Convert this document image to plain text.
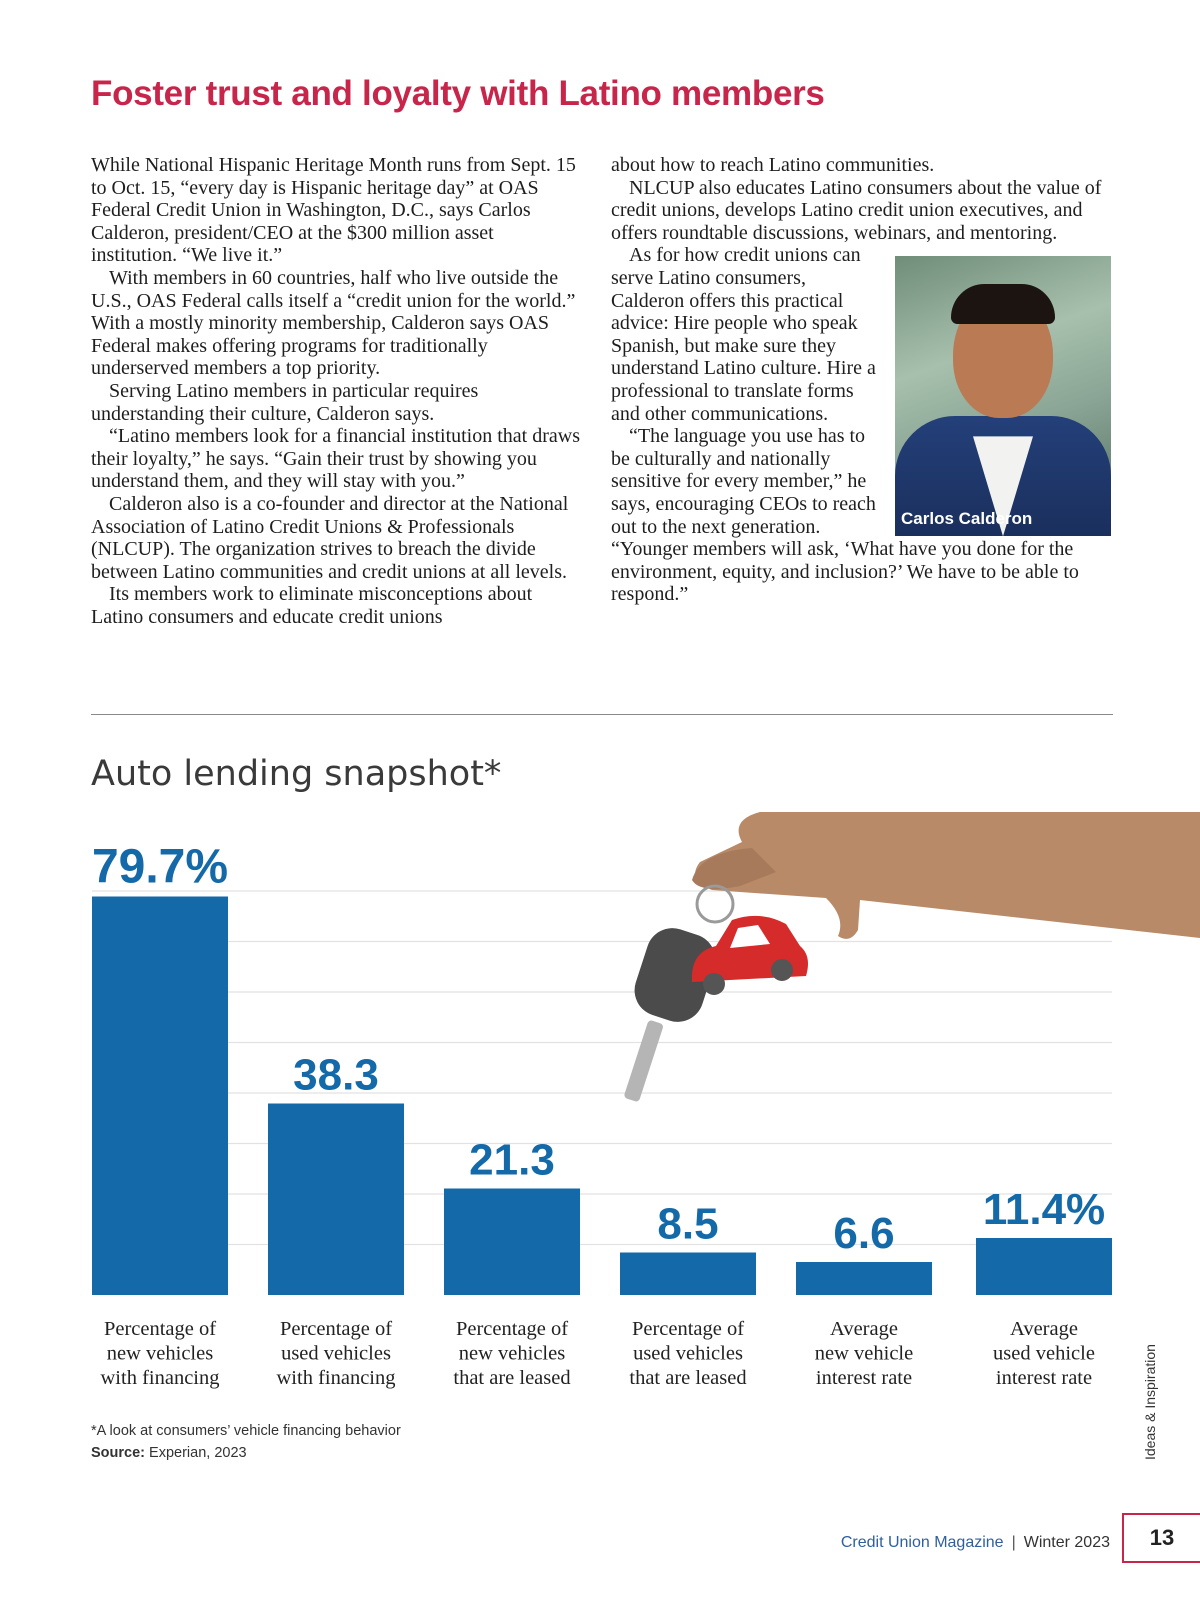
Foster trust and loyalty with Latino members

While National Hispanic Heritage Month runs from Sept. 15 to Oct. 15, “every day is Hispanic heritage day” at OAS Federal Credit Union in Washington, D.C., says Carlos Calderon, president/CEO at the $300 million asset institution. “We live it.”

With members in 60 countries, half who live outside the U.S., OAS Federal calls itself a “credit union for the world.” With a mostly minority membership, Calderon says OAS Federal makes offering programs for traditionally underserved members a top priority.

Serving Latino members in particular requires understanding their culture, Calderon says.

“Latino members look for a financial institution that draws their loyalty,” he says. “Gain their trust by showing you understand them, and they will stay with you.”

Calderon also is a co-founder and director at the National Association of Latino Credit Unions & Professionals (NLCUP). The organization strives to breach the divide between Latino communities and credit unions at all levels.

Its members work to eliminate misconceptions about Latino consumers and educate credit unions

about how to reach Latino communities.

NLCUP also educates Latino consumers about the value of credit unions, develops Latino credit union executives, and offers roundtable discussions, webinars, and mentoring.

Carlos Calderon

As for how credit unions can serve Latino consumers, Calderon offers this practical advice: Hire people who speak Spanish, but make sure they understand Latino culture. Hire a professional to translate forms and other communications.

“The language you use has to be culturally and nationally sensitive for every member,” he says, encouraging CEOs to reach out to the next generation. “Younger members will ask, ‘What have you done for the environment, equity, and inclusion?’ We have to be able to respond.”

Auto lending snapshot*
79.7%
38.3
21.3
8.5	6.6 11.4%
Percentage of
new vehicles
with financing
Percentage of
used vehicles
with financing
Percentage of
new vehicles
that are leased
Percentage of
used vehicles
that are leased
Average
new vehicle
interest rate
Average
used vehicle
interest rate
*A look at consumers’ vehicle financing behavior
Source: Experian, 2023	Ideas & Inspiration
Credit Union Magazine | Winter 2023	13
